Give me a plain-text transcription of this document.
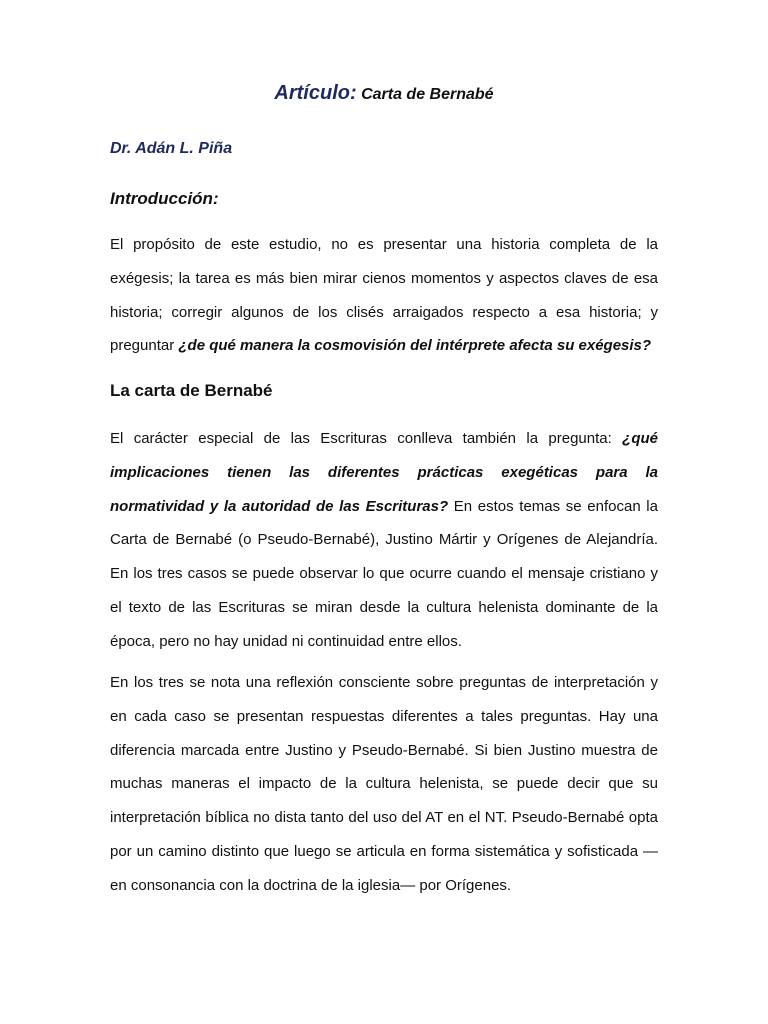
Artículo: Carta de Bernabé
Dr. Adán L. Piña
Introducción:

El propósito de este estudio, no es presentar una historia completa de la exégesis; la tarea es más bien mirar cienos momentos y aspectos claves de esa historia; corregir algunos de los clisés arraigados respecto a esa historia; y preguntar ¿de qué manera la cosmovisión del intérprete afecta su exégesis?

La carta de Bernabé

El carácter especial de las Escrituras conlleva también la pregunta: ¿qué implicaciones tienen las diferentes prácticas exegéticas para la normatividad y la autoridad de las Escrituras? En estos temas se enfocan la Carta de Bernabé (o Pseudo-Bernabé), Justino Mártir y Orígenes de Alejandría. En los tres casos se puede observar lo que ocurre cuando el mensaje cristiano y el texto de las Escrituras se miran desde la cultura helenista dominante de la época, pero no hay unidad ni continuidad entre ellos.

En los tres se nota una reflexión consciente sobre preguntas de interpretación y en cada caso se presentan respuestas diferentes a tales preguntas. Hay una diferencia marcada entre Justino y Pseudo-Bernabé. Si bien Justino muestra de muchas maneras el impacto de la cultura helenista, se puede decir que su interpretación bíblica no dista tanto del uso del AT en el NT. Pseudo-Bernabé opta por un camino distinto que luego se articula en forma sistemática y sofisticada —en consonancia con la doctrina de la iglesia— por Orígenes.
